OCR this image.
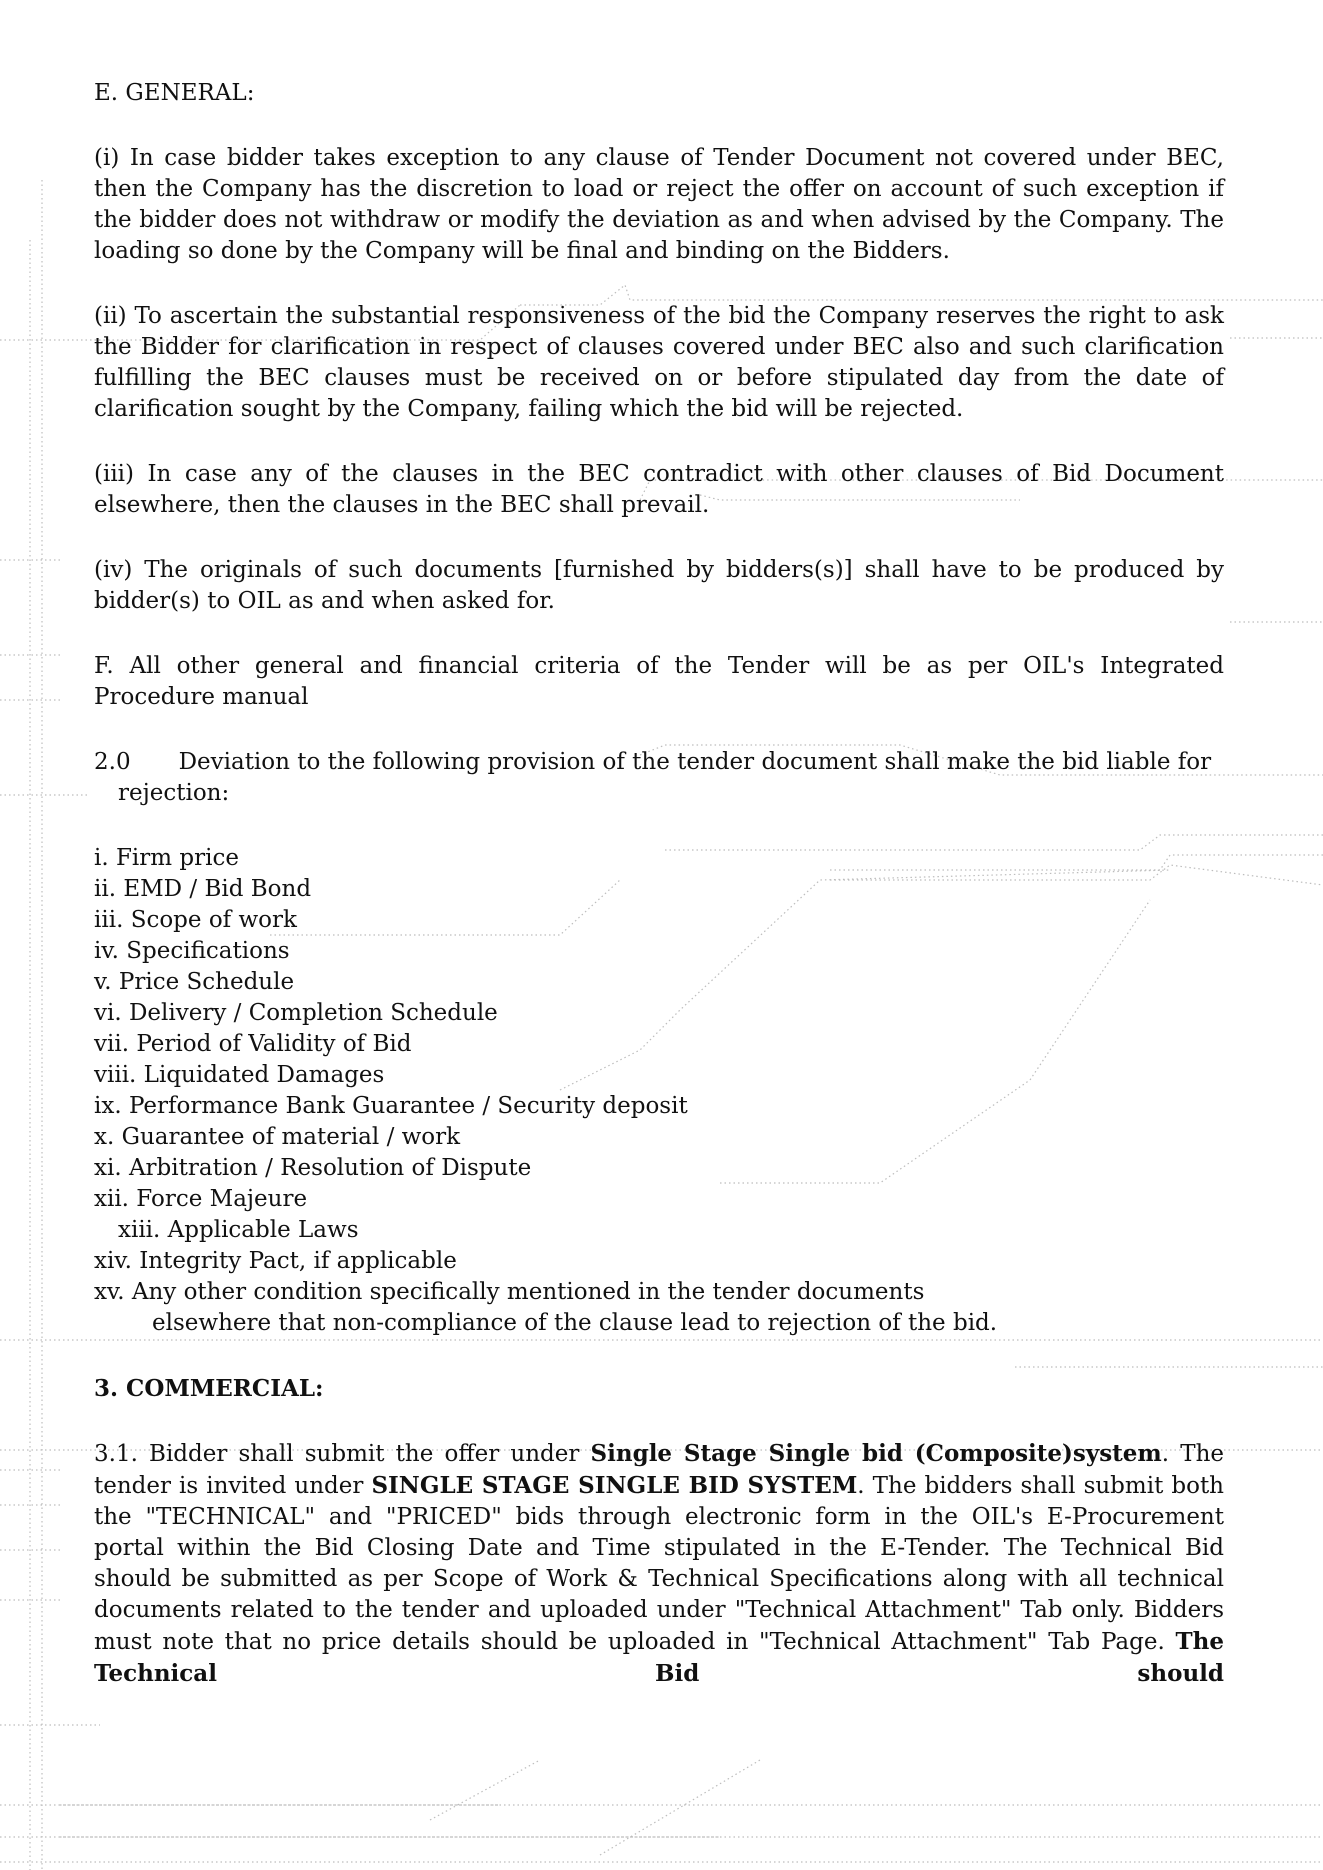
E. GENERAL:

(i) In case bidder takes exception to any clause of Tender Document not covered under BEC, then the Company has the discretion to load or reject the offer on account of such exception if the bidder does not withdraw or modify the deviation as and when advised by the Company. The loading so done by the Company will be final and binding on the Bidders.

(ii) To ascertain the substantial responsiveness of the bid the Company reserves the right to ask the Bidder for clarification in respect of clauses covered under BEC also and such clarification fulfilling the BEC clauses must be received on or before stipulated day from the date of clarification sought by the Company, failing which the bid will be rejected.

(iii) In case any of the clauses in the BEC contradict with other clauses of Bid Document elsewhere, then the clauses in the BEC shall prevail.

(iv) The originals of such documents [furnished by bidders(s)] shall have to be produced by bidder(s) to OIL as and when asked for.

F. All other general and financial criteria of the Tender will be as per OIL's Integrated Procedure manual

2.0 Deviation to the following provision of the tender document shall make the bid liable for

rejection:

i. Firm price
ii. EMD / Bid Bond
iii. Scope of work
iv. Specifications
v. Price Schedule
vi. Delivery / Completion Schedule
vii. Period of Validity of Bid
viii. Liquidated Damages
ix. Performance Bank Guarantee / Security deposit
x. Guarantee of material / work
xi. Arbitration / Resolution of Dispute
xii. Force Majeure
xiii. Applicable Laws
xiv. Integrity Pact, if applicable
xv. Any other condition specifically mentioned in the tender documents
elsewhere that non-compliance of the clause lead to rejection of the bid.

3. COMMERCIAL:

3.1. Bidder shall submit the offer under Single Stage Single bid (Composite)system. The tender is invited under SINGLE STAGE SINGLE BID SYSTEM. The bidders shall submit both the "TECHNICAL" and "PRICED" bids through electronic form in the OIL's E-Procurement portal within the Bid Closing Date and Time stipulated in the E-Tender. The Technical Bid should be submitted as per Scope of Work & Technical Specifications along with all technical documents related to the tender and uploaded under "Technical Attachment" Tab only. Bidders must note that no price details should be uploaded in "Technical Attachment" Tab Page. The Technical Bid should
